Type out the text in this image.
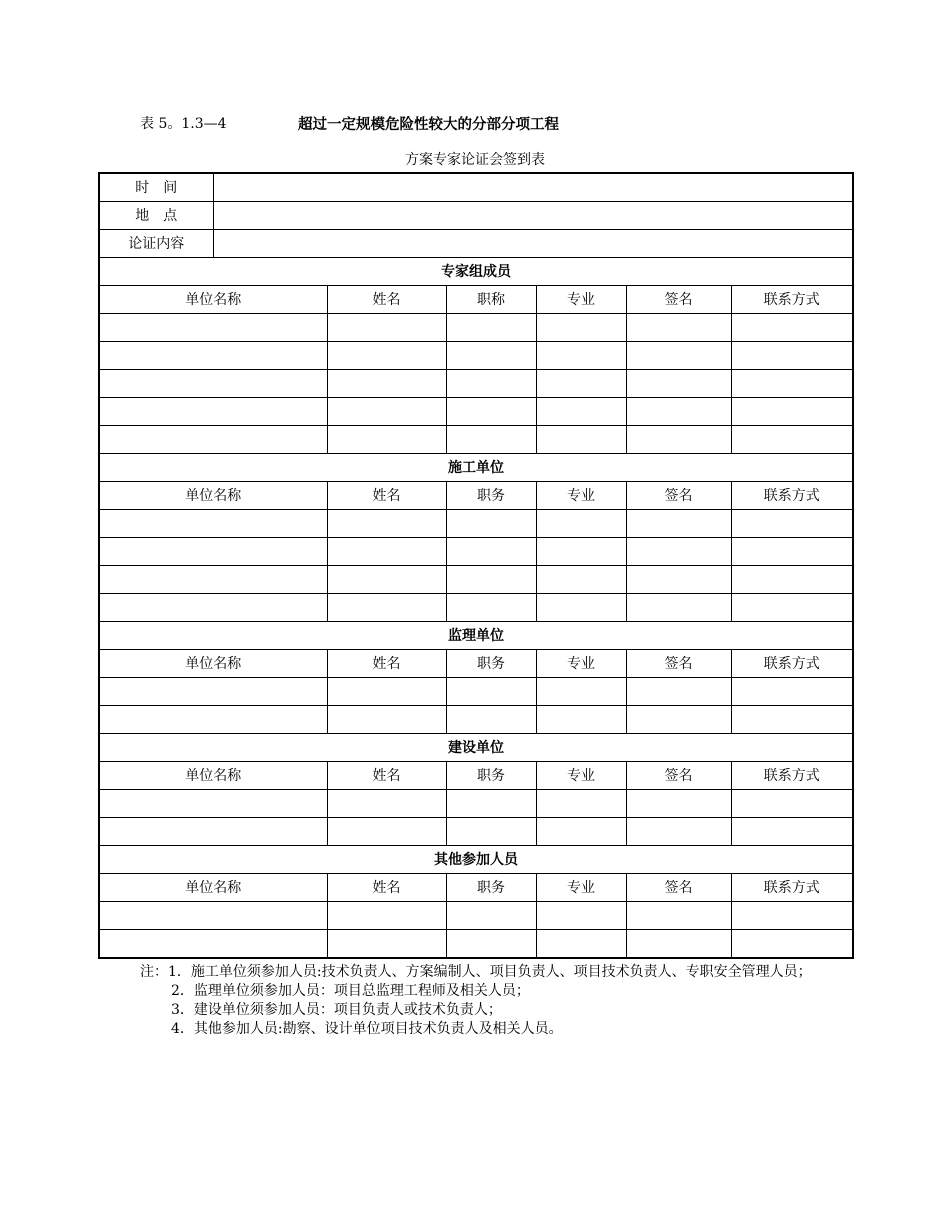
表 5。1.3—4	超过一定规模危险性较大的分部分项工程
方案专家论证会签到表
时　间						
地　点						
论证内容						
专家组成员						
单位名称		姓名	职称	专业	签名	联系方式

施工单位						
单位名称		姓名	职务	专业	签名	联系方式

监理单位						
单位名称		姓名	职务	专业	签名	联系方式

建设单位						
单位名称		姓名	职务	专业	签名	联系方式

其他参加人员						
单位名称		姓名	职务	专业	签名	联系方式

注：1．施工单位须参加人员:技术负责人、方案编制人、项目负责人、项目技术负责人、专职安全管理人员；
2．监理单位须参加人员：项目总监理工程师及相关人员；
3．建设单位须参加人员：项目负责人或技术负责人；
4．其他参加人员:勘察、设计单位项目技术负责人及相关人员。
